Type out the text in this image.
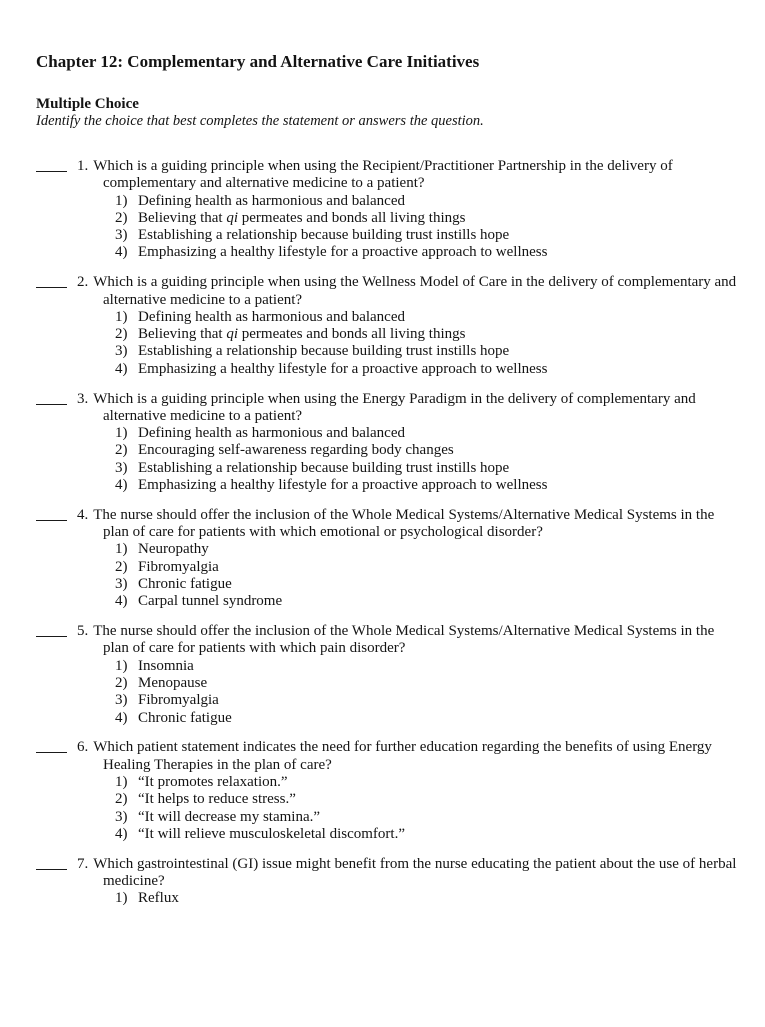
Chapter 12: Complementary and Alternative Care Initiatives
Multiple Choice
Identify the choice that best completes the statement or answers the question.
1. Which is a guiding principle when using the Recipient/Practitioner Partnership in the delivery of complementary and alternative medicine to a patient?
1) Defining health as harmonious and balanced
2) Believing that qi permeates and bonds all living things
3) Establishing a relationship because building trust instills hope
4) Emphasizing a healthy lifestyle for a proactive approach to wellness
2. Which is a guiding principle when using the Wellness Model of Care in the delivery of complementary and alternative medicine to a patient?
1) Defining health as harmonious and balanced
2) Believing that qi permeates and bonds all living things
3) Establishing a relationship because building trust instills hope
4) Emphasizing a healthy lifestyle for a proactive approach to wellness
3. Which is a guiding principle when using the Energy Paradigm in the delivery of complementary and alternative medicine to a patient?
1) Defining health as harmonious and balanced
2) Encouraging self-awareness regarding body changes
3) Establishing a relationship because building trust instills hope
4) Emphasizing a healthy lifestyle for a proactive approach to wellness
4. The nurse should offer the inclusion of the Whole Medical Systems/Alternative Medical Systems in the plan of care for patients with which emotional or psychological disorder?
1) Neuropathy
2) Fibromyalgia
3) Chronic fatigue
4) Carpal tunnel syndrome
5. The nurse should offer the inclusion of the Whole Medical Systems/Alternative Medical Systems in the plan of care for patients with which pain disorder?
1) Insomnia
2) Menopause
3) Fibromyalgia
4) Chronic fatigue
6. Which patient statement indicates the need for further education regarding the benefits of using Energy Healing Therapies in the plan of care?
1) “It promotes relaxation.”
2) “It helps to reduce stress.”
3) “It will decrease my stamina.”
4) “It will relieve musculoskeletal discomfort.”
7. Which gastrointestinal (GI) issue might benefit from the nurse educating the patient about the use of herbal medicine?
1) Reflux
